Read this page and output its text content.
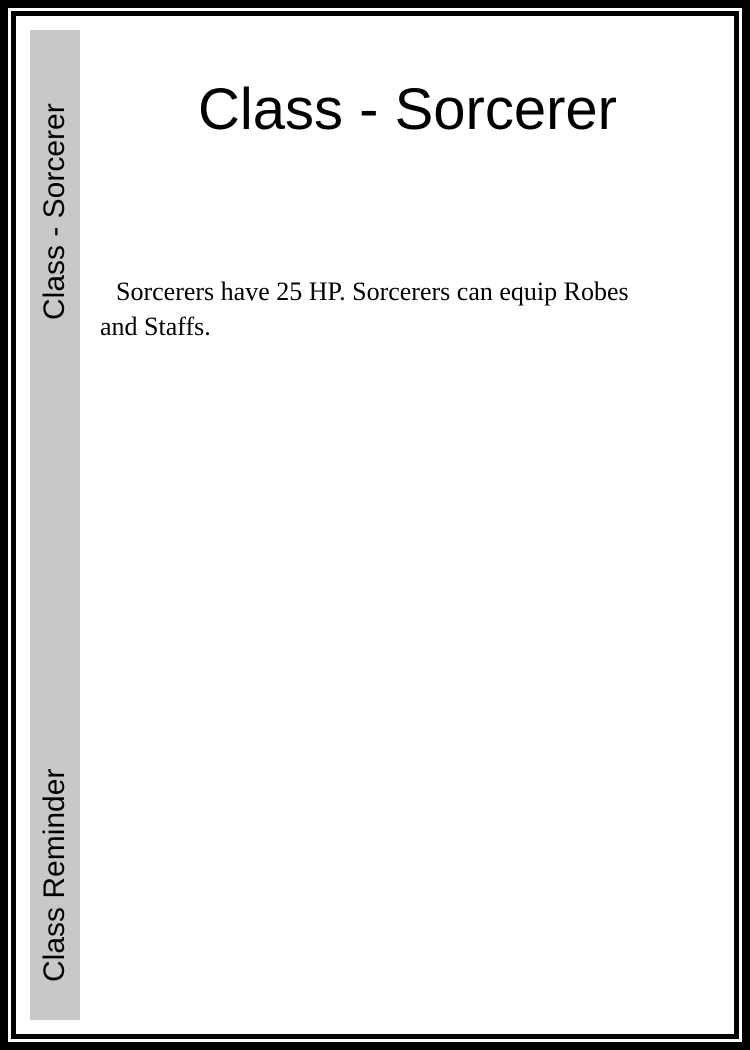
Class - Sorcerer
Class Reminder
Class - Sorcerer
Sorcerers have 25 HP. Sorcerers can equip Robes and Staffs.
